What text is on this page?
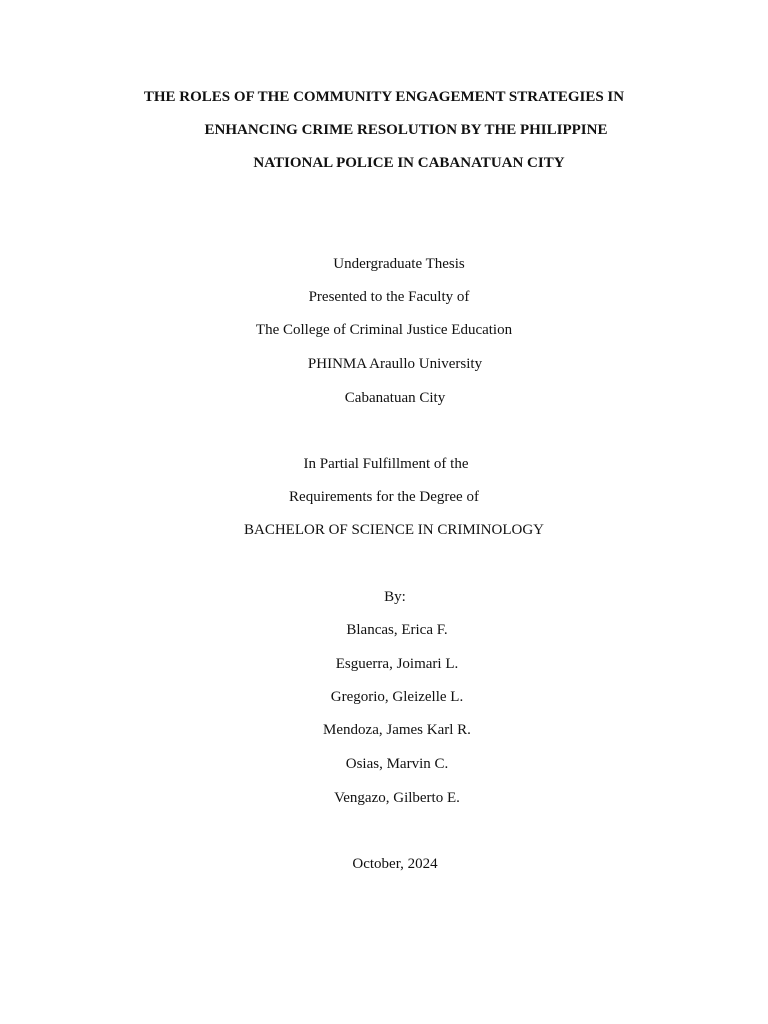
THE ROLES OF THE COMMUNITY ENGAGEMENT STRATEGIES IN
ENHANCING CRIME RESOLUTION BY THE PHILIPPINE
NATIONAL POLICE IN CABANATUAN CITY
Undergraduate Thesis
Presented to the Faculty of
The College of Criminal Justice Education
PHINMA Araullo University
Cabanatuan City
In Partial Fulfillment of the
Requirements for the Degree of
BACHELOR OF SCIENCE IN CRIMINOLOGY
By:
Blancas, Erica F.
Esguerra, Joimari L.
Gregorio, Gleizelle L.
Mendoza, James Karl R.
Osias, Marvin C.
Vengazo, Gilberto E.
October, 2024
